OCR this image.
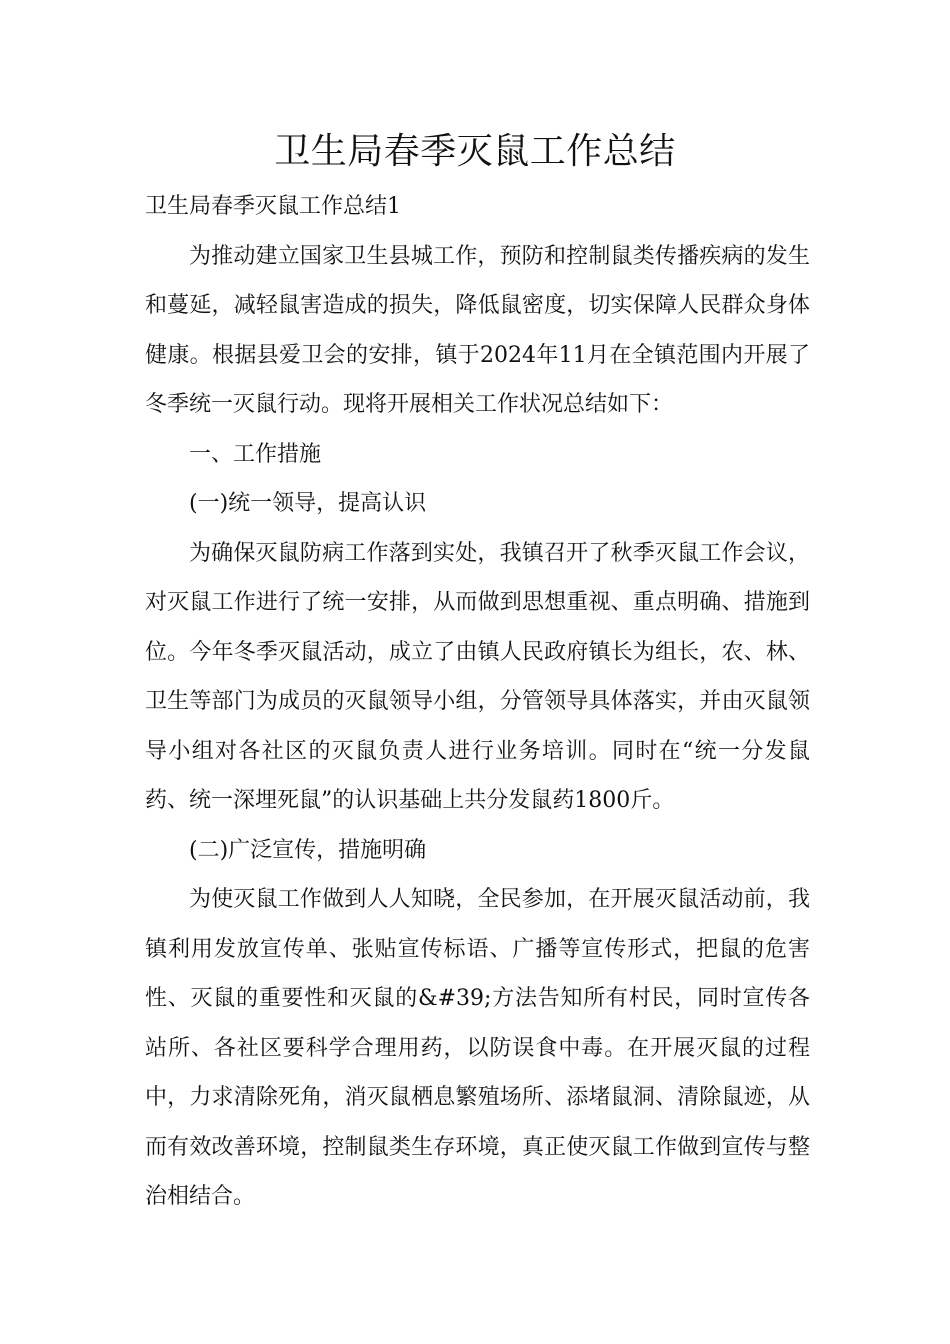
卫生局春季灭鼠工作总结

卫生局春季灭鼠工作总结1

为推动建立国家卫生县城工作，预防和控制鼠类传播疾病的发生和蔓延，减轻鼠害造成的损失，降低鼠密度，切实保障人民群众身体健康。根据县爱卫会的安排，镇于2024年11月在全镇范围内开展了冬季统一灭鼠行动。现将开展相关工作状况总结如下：

一、工作措施

(一)统一领导，提高认识

为确保灭鼠防病工作落到实处，我镇召开了秋季灭鼠工作会议，对灭鼠工作进行了统一安排，从而做到思想重视、重点明确、措施到位。今年冬季灭鼠活动，成立了由镇人民政府镇长为组长，农、林、卫生等部门为成员的灭鼠领导小组，分管领导具体落实，并由灭鼠领导小组对各社区的灭鼠负责人进行业务培训。同时在“统一分发鼠药、统一深埋死鼠”的认识基础上共分发鼠药1800斤。

(二)广泛宣传，措施明确

为使灭鼠工作做到人人知晓，全民参加，在开展灭鼠活动前，我镇利用发放宣传单、张贴宣传标语、广播等宣传形式，把鼠的危害性、灭鼠的重要性和灭鼠的&#39;方法告知所有村民，同时宣传各站所、各社区要科学合理用药，以防误食中毒。在开展灭鼠的过程中，力求清除死角，消灭鼠栖息繁殖场所、添堵鼠洞、清除鼠迹，从而有效改善环境，控制鼠类生存环境，真正使灭鼠工作做到宣传与整治相结合。
